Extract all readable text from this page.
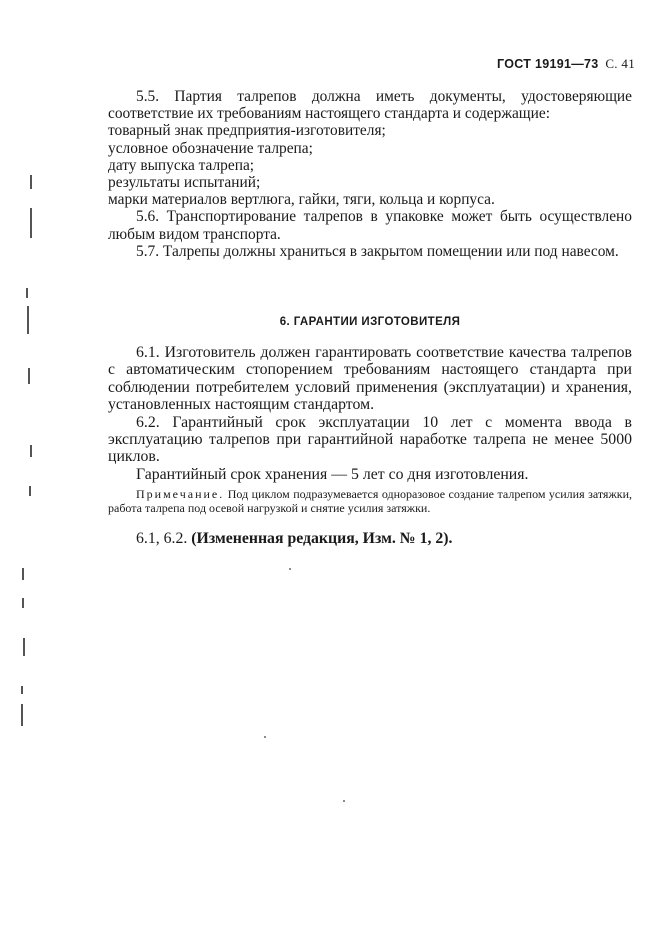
ГОСТ 19191—73 С. 41

5.5. Партия талрепов должна иметь документы, удостоверяющие соответствие их требованиям настоящего стандарта и содержащие:

товарный знак предприятия-изготовителя;
условное обозначение талрепа;
дату выпуска талрепа;
результаты испытаний;
марки материалов вертлюга, гайки, тяги, кольца и корпуса.

5.6. Транспортирование талрепов в упаковке может быть осуществлено любым видом транспорта.

5.7. Талрепы должны храниться в закрытом помещении или под навесом.

6. ГАРАНТИИ ИЗГОТОВИТЕЛЯ

6.1. Изготовитель должен гарантировать соответствие качества талрепов с автоматическим стопорением требованиям настоящего стандарта при соблюдении потребителем условий применения (эксплуатации) и хранения, установленных настоящим стандартом.

6.2. Гарантийный срок эксплуатации 10 лет с момента ввода в эксплуатацию талрепов при гарантийной наработке талрепа не менее 5000 циклов.

Гарантийный срок хранения — 5 лет со дня изготовления.

Примечание. Под циклом подразумевается одноразовое создание талрепом усилия затяжки, работа талрепа под осевой нагрузкой и снятие усилия затяжки.
6.1, 6.2. (Измененная редакция, Изм. № 1, 2).
